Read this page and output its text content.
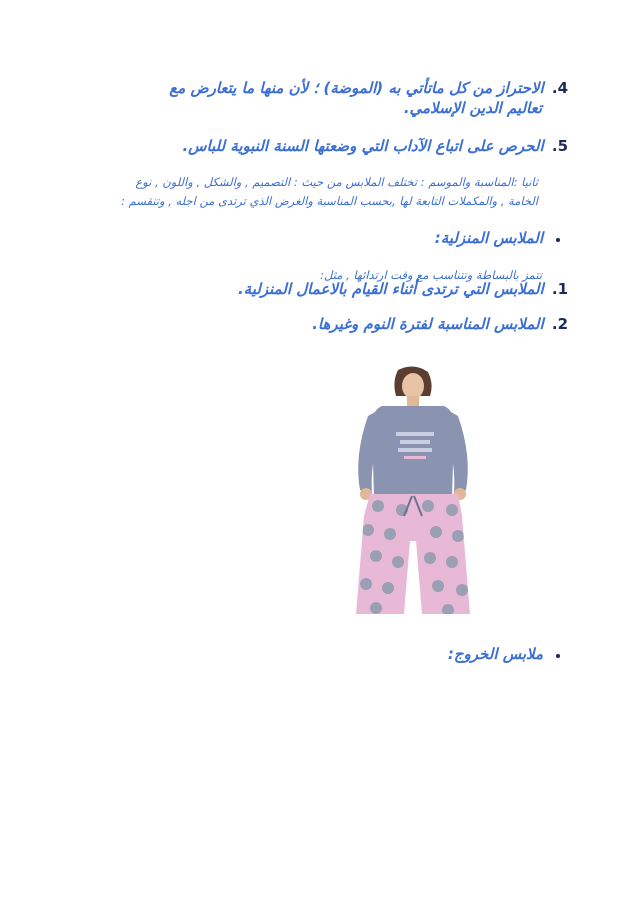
4. الاحتراز من كل ماتأتي به (الموضة) ؛ لأن منها ما يتعارض مع
تعاليم الدين الإسلامي.
5. الحرص على اتباع الآداب التي وضعتها السنة النبوية للباس.
ثانيا :المناسبة والموسم : تختلف الملابس من حيث : التصميم , والشكل , واللون , نوع
الخامة , والمكملات التابعة لها ,بحسب المناسبة والغرض الذي ترتدى من اجله , وتنقسم :
الملابس المنزلية:
تتمز بالبساطة وتتناسب مع وقت ارتدائها , مثل:
1. الملابس التي ترتدى أثناء القيام بالاعمال المنزلية.
2. الملابس المناسبة لفترة النوم وغيرها.
ملابس الخروج:
